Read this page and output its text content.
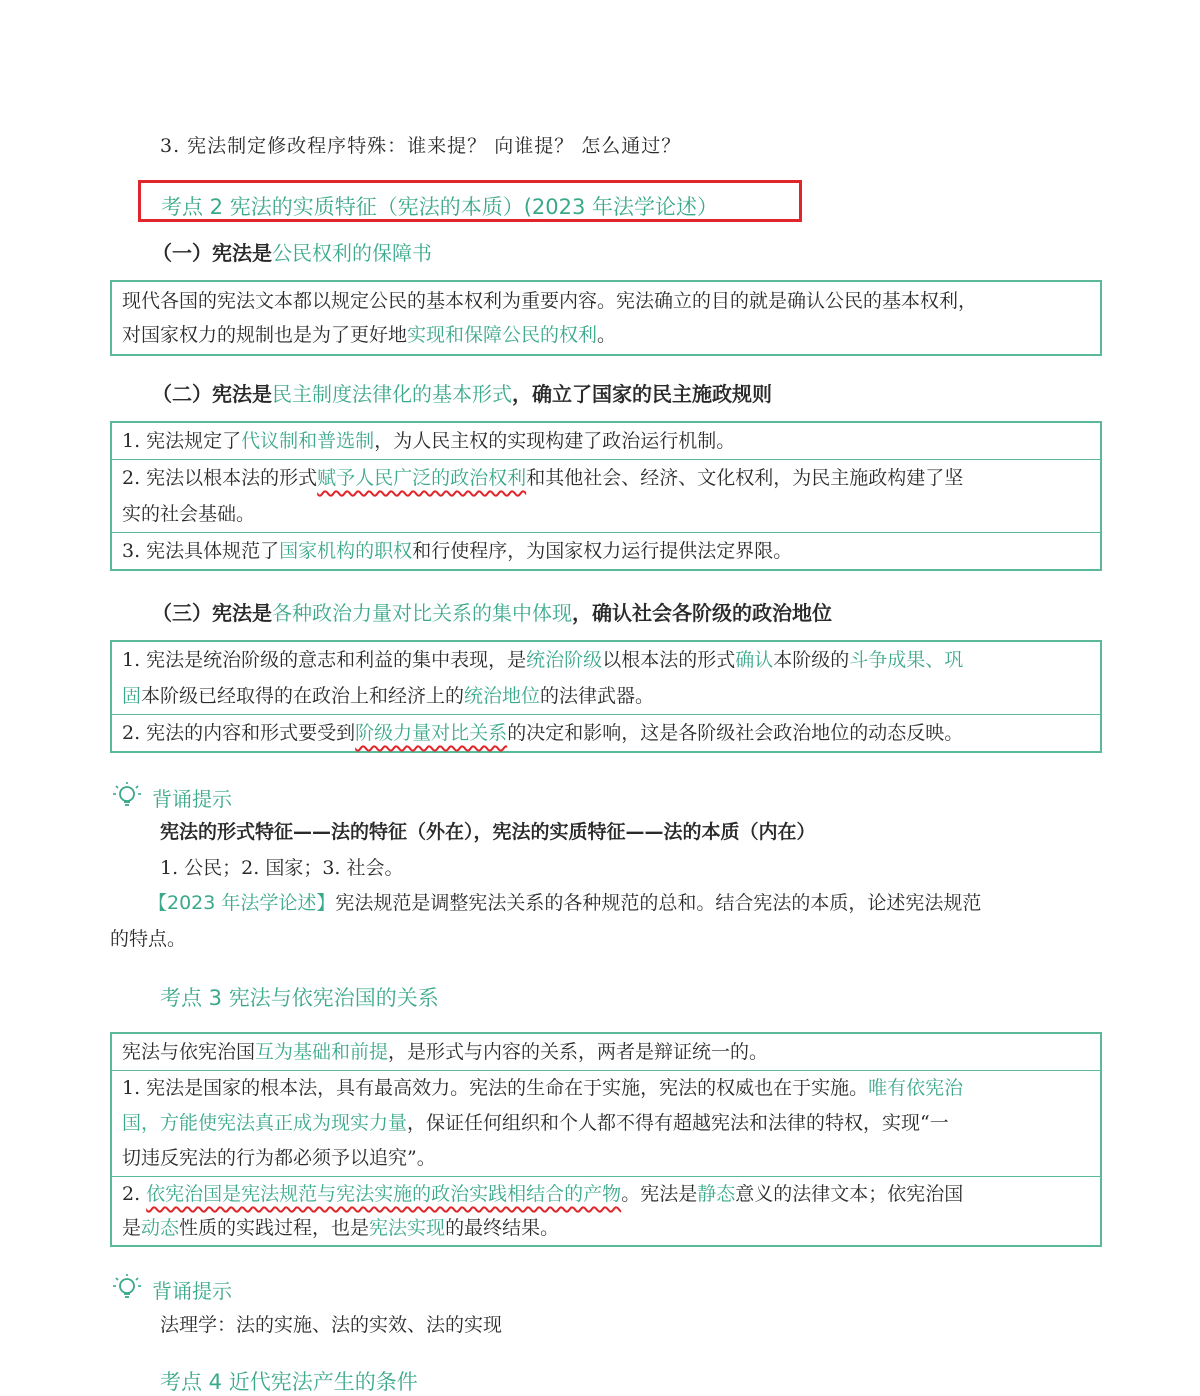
3. 宪法制定修改程序特殊：谁来提？ 向谁提？ 怎么通过？
考点 2 宪法的实质特征（宪法的本质）(2023 年法学论述）
（一）宪法是公民权利的保障书
现代各国的宪法文本都以规定公民的基本权利为重要内容。宪法确立的目的就是确认公民的基本权利，
对国家权力的规制也是为了更好地实现和保障公民的权利。
（二）宪法是民主制度法律化的基本形式，确立了国家的民主施政规则
1. 宪法规定了代议制和普选制，为人民主权的实现构建了政治运行机制。
2. 宪法以根本法的形式赋予人民广泛的政治权利和其他社会、经济、文化权利，为民主施政构建了坚
实的社会基础。
3. 宪法具体规范了国家机构的职权和行使程序，为国家权力运行提供法定界限。
（三）宪法是各种政治力量对比关系的集中体现，确认社会各阶级的政治地位
1. 宪法是统治阶级的意志和利益的集中表现，是统治阶级以根本法的形式确认本阶级的斗争成果、巩
固本阶级已经取得的在政治上和经济上的统治地位的法律武器。
2. 宪法的内容和形式要受到阶级力量对比关系的决定和影响，这是各阶级社会政治地位的动态反映。
背诵提示
宪法的形式特征——法的特征（外在），宪法的实质特征——法的本质（内在）
1. 公民；2. 国家；3. 社会。
【2023 年法学论述】宪法规范是调整宪法关系的各种规范的总和。结合宪法的本质，论述宪法规范
的特点。
考点 3 宪法与依宪治国的关系
宪法与依宪治国互为基础和前提，是形式与内容的关系，两者是辩证统一的。
1. 宪法是国家的根本法，具有最高效力。宪法的生命在于实施，宪法的权威也在于实施。唯有依宪治
国，方能使宪法真正成为现实力量，保证任何组织和个人都不得有超越宪法和法律的特权，实现“一
切违反宪法的行为都必须予以追究”。
2. 依宪治国是宪法规范与宪法实施的政治实践相结合的产物。宪法是静态意义的法律文本；依宪治国
是动态性质的实践过程，也是宪法实现的最终结果。
背诵提示
法理学：法的实施、法的实效、法的实现
考点 4 近代宪法产生的条件
